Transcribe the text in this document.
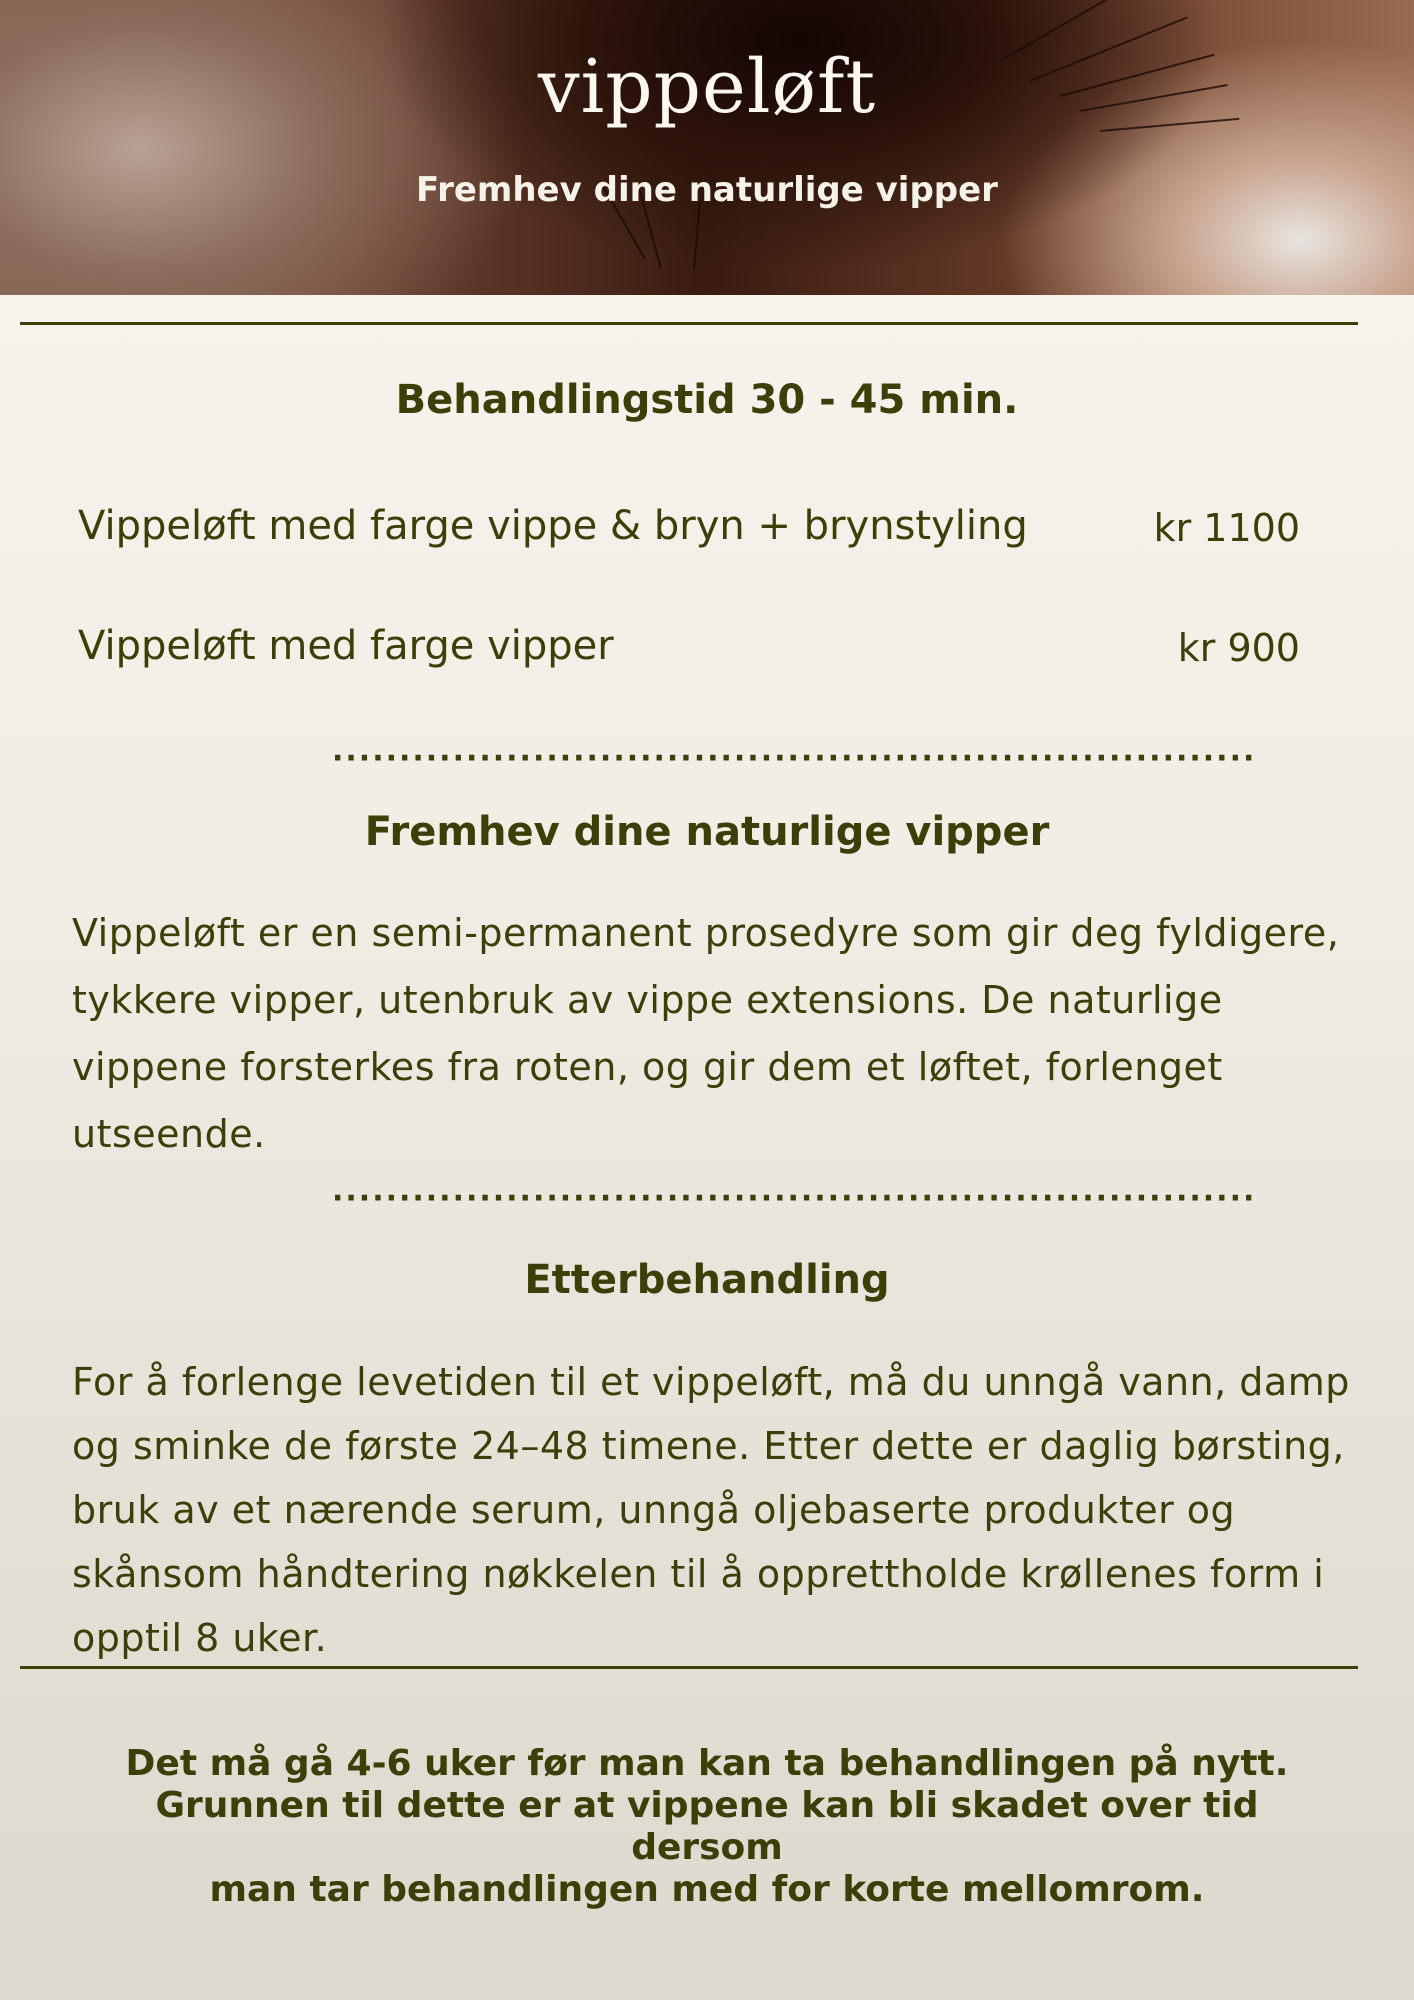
vippeløft
Fremhev dine naturlige vipper
Behandlingstid 30 - 45 min.
Vippeløft med farge vippe & bryn + brynstyling	kr 1100
Vippeløft med farge vipper	kr 900
·····································································
Fremhev dine naturlige vipper
Vippeløft er en semi-permanent prosedyre som gir deg fyldigere, tykkere vipper, utenbruk av vippe extensions. De naturlige vippene forsterkes fra roten, og gir dem et løftet, forlenget utseende.
·····································································
Etterbehandling
For å forlenge levetiden til et vippeløft, må du unngå vann, damp og sminke de første 24–48 timene. Etter dette er daglig børsting, bruk av et nærende serum, unngå oljebaserte produkter og skånsom håndtering nøkkelen til å opprettholde krøllenes form i opptil 8 uker.
Det må gå 4-6 uker før man kan ta behandlingen på nytt.
Grunnen til dette er at vippene kan bli skadet over tid dersom
man tar behandlingen med for korte mellomrom.
